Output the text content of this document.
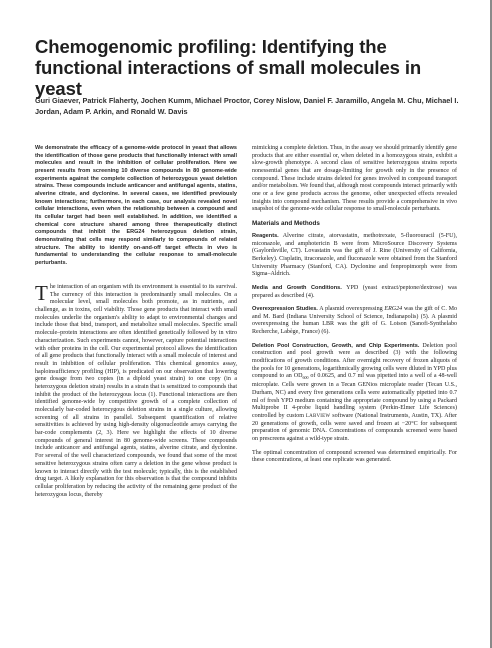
Chemogenomic profiling: Identifying the functional interactions of small molecules in yeast

Guri Giaever, Patrick Flaherty, Jochen Kumm, Michael Proctor, Corey Nislow, Daniel F. Jaramillo, Angela M. Chu, Michael I. Jordan, Adam P. Arkin, and Ronald W. Davis

We demonstrate the efficacy of a genome-wide protocol in yeast that allows the identification of those gene products that functionally interact with small molecules and result in the inhibition of cellular proliferation. Here we present results from screening 10 diverse compounds in 80 genome-wide experiments against the complete collection of heterozygous yeast deletion strains. These compounds include anticancer and antifungal agents, statins, alverine citrate, and dyclonine. In several cases, we identified previously known interactions; furthermore, in each case, our analysis revealed novel cellular interactions, even when the relationship between a compound and its cellular target had been well established. In addition, we identified a chemical core structure shared among three therapeutically distinct compounds that inhibit the ERG24 heterozygous deletion strain, demonstrating that cells may respond similarly to compounds of related structure. The ability to identify on-and-off target effects in vivo is fundamental to understanding the cellular response to small-molecule perturbants.

The interaction of an organism with its environment is essential to its survival. The currency of this interaction is predominantly small molecules. On a molecular level, small molecules both promote, as in nutrients, and challenge, as in toxins, cell viability. Those gene products that interact with small molecules underlie the organism's ability to adapt to environmental changes and include those that bind, transport, and metabolize small molecules. Specific small molecule–protein interactions are often identified genetically followed by in vitro characterization. Such experiments cannot, however, capture potential interactions with other proteins in the cell. Our experimental protocol allows the identification of all gene products that functionally interact with a small molecule of interest and result in inhibition of cellular proliferation. This chemical genomics assay, haploinsufficiency profiling (HIP), is predicated on our observation that lowering gene dosage from two copies (in a diploid yeast strain) to one copy (in a heterozygous deletion strain) results in a strain that is sensitized to compounds that inhibit the product of the heterozygous locus (1). Functional interactions are then identified genome-wide by competitive growth of a complete collection of molecularly bar-coded heterozygous deletion strains in a single culture, allowing screening of all strains in parallel. Subsequent quantification of relative sensitivities is achieved by using high-density oligonucleotide arrays carrying the bar-code complements (2, 3). Here we highlight the effects of 10 diverse compounds of general interest in 80 genome-wide screens. These compounds include anticancer and antifungal agents, statins, alverine citrate, and dyclonine. For several of the well characterized compounds, we found that some of the most sensitive heterozygous strains often carry a deletion in the gene whose product is known to interact directly with the test molecule; typically, this is the established drug target. A likely explanation for this observation is that the compound inhibits cellular proliferation by reducing the activity of the remaining gene product of the heterozygous locus, thereby

mimicking a complete deletion. Thus, in the assay we should primarily identify gene products that are either essential or, when deleted in a homozygous strain, exhibit a slow-growth phenotype. A second class of sensitive heterozygous strains reports nonessential genes that are dosage-limiting for growth only in the presence of compound. These include strains deleted for genes involved in compound transport and/or metabolism. We found that, although most compounds interact primarily with one or a few gene products across the genome, other unexpected effects revealed insights into compound mechanism. These results provide a comprehensive in vivo snapshot of the genome-wide cellular response to small-molecule perturbants.

Materials and Methods

Reagents. Alverine citrate, atorvastatin, methotrexate, 5-fluorouracil (5-FU), miconazole, and amphotericin B were from MicroSource Discovery Systems (Gaylordsville, CT). Lovastatin was the gift of J. Rine (University of California, Berkeley). Cisplatin, itraconazole, and fluconazole were obtained from the Stanford University Pharmacy (Stanford, CA). Dyclonine and fenpropimorph were from Sigma–Aldrich.

Media and Growth Conditions. YPD (yeast extract/peptone/dextrose) was prepared as described (4).

Overexpression Studies. A plasmid overexpressing ERG24 was the gift of C. Mo and M. Bard (Indiana University School of Science, Indianapolis) (5). A plasmid overexpressing the human LBR was the gift of G. Loison (Sanofi-Synthelabo Recherche, Labège, France) (6).

Deletion Pool Construction, Growth, and Chip Experiments. Deletion pool construction and pool growth were as described (3) with the following modifications of growth conditions. After overnight recovery of frozen aliquots of the pools for 10 generations, logarithmically growing cells were diluted in YPD plus compound to an $OD_{600}$ of 0.0625, and 0.7 ml was pipetted into a well of a 48-well microplate. Cells were grown in a Tecan GENios microplate reader (Tecan U.S., Durham, NC) and every five generations cells were automatically pipetted into 0.7 ml of fresh YPD medium containing the appropriate compound by using a Packard Multiprobe II 4-probe liquid handling system (Perkin-Elmer Life Sciences) controlled by custom LABVIEW software (National Instruments, Austin, TX). After 20 generations of growth, cells were saved and frozen at −20°C for subsequent preparation of genomic DNA. Concentrations of compounds screened were based on prescreens against a wild-type strain.

The optimal concentration of compound screened was determined empirically. For these concentrations, at least one replicate was generated.
